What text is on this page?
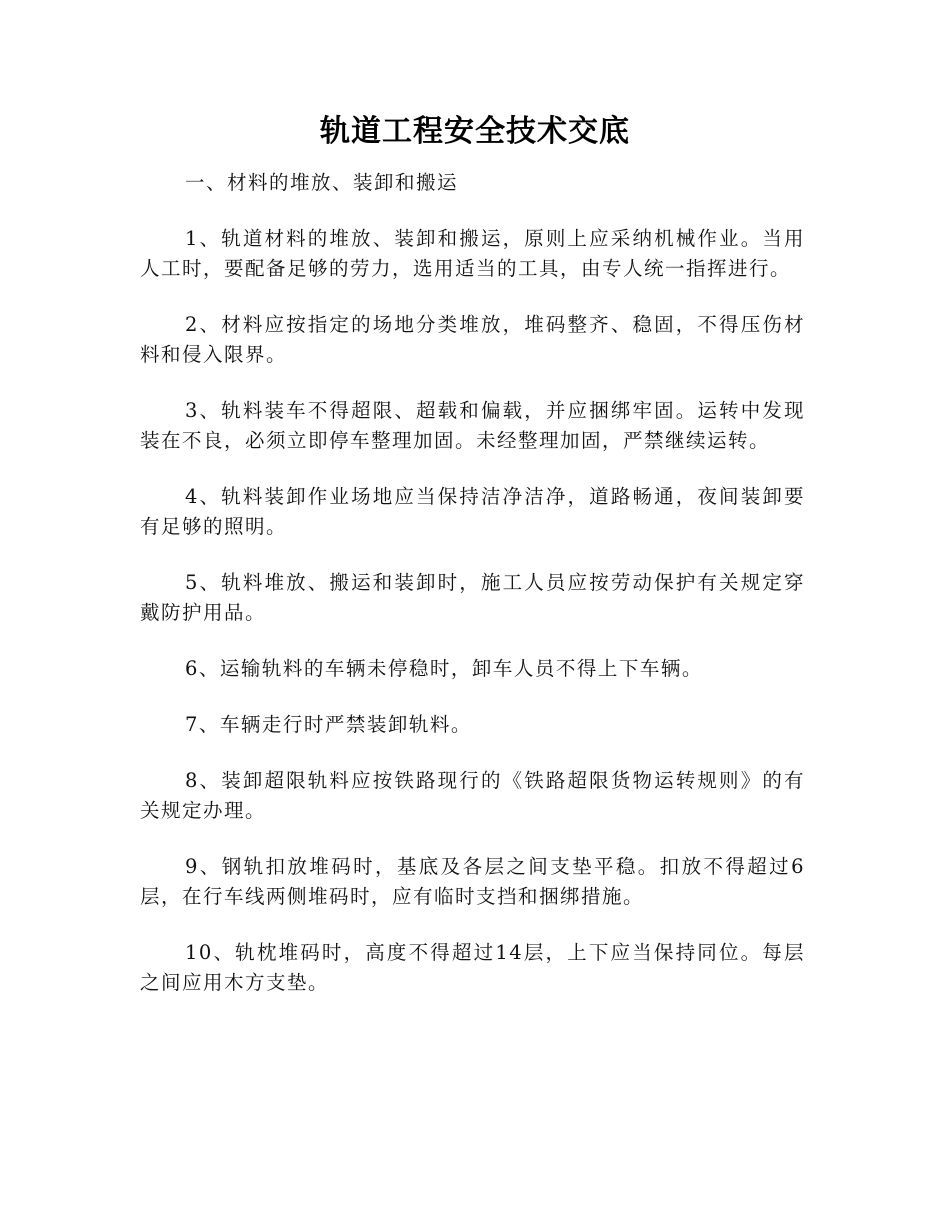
轨道工程安全技术交底

一、材料的堆放、装卸和搬运

1、轨道材料的堆放、装卸和搬运，原则上应采纳机械作业。当用人工时，要配备足够的劳力，选用适当的工具，由专人统一指挥进行。

2、材料应按指定的场地分类堆放，堆码整齐、稳固，不得压伤材料和侵入限界。

3、轨料装车不得超限、超载和偏载，并应捆绑牢固。运转中发现装在不良，必须立即停车整理加固。未经整理加固，严禁继续运转。

4、轨料装卸作业场地应当保持洁净洁净，道路畅通，夜间装卸要有足够的照明。

5、轨料堆放、搬运和装卸时，施工人员应按劳动保护有关规定穿戴防护用品。

6、运输轨料的车辆未停稳时，卸车人员不得上下车辆。

7、车辆走行时严禁装卸轨料。

8、装卸超限轨料应按铁路现行的《铁路超限货物运转规则》的有关规定办理。

9、钢轨扣放堆码时，基底及各层之间支垫平稳。扣放不得超过6层，在行车线两侧堆码时，应有临时支挡和捆绑措施。

10、轨枕堆码时，高度不得超过14层，上下应当保持同位。每层之间应用木方支垫。
